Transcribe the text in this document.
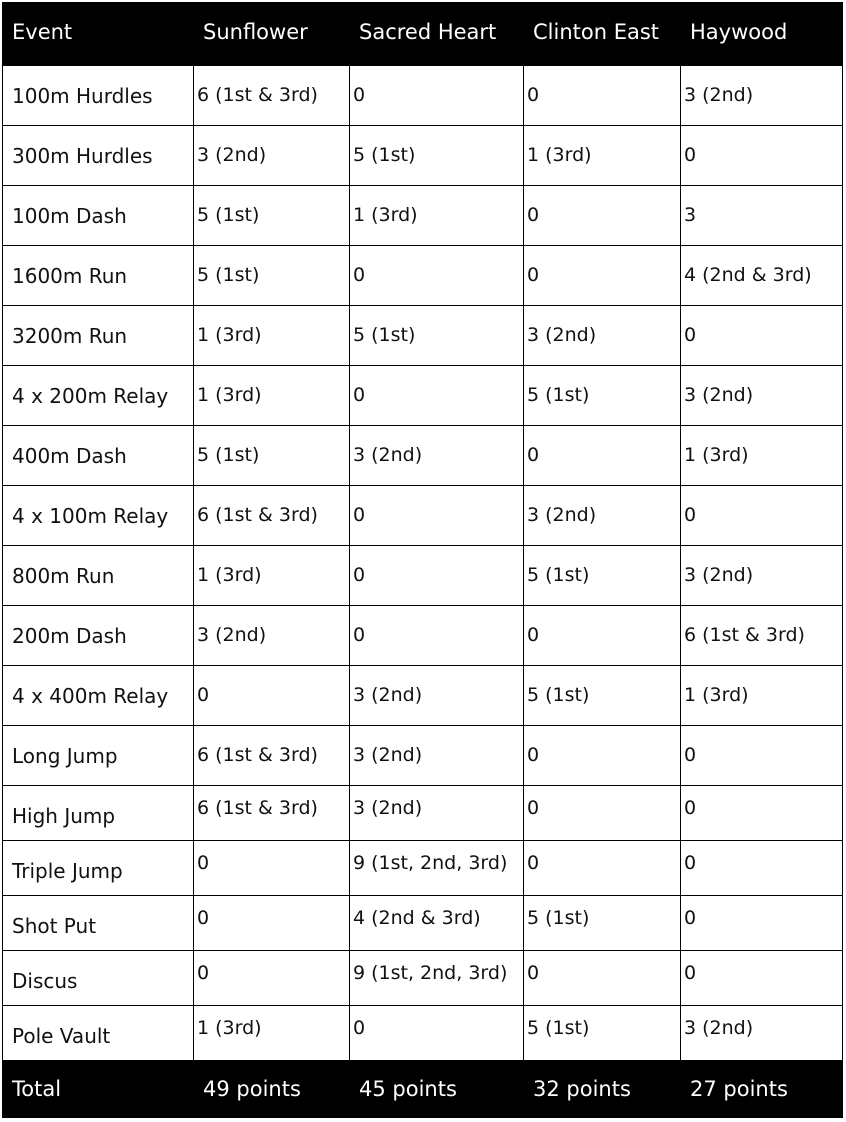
Event	Sunflower	Sacred Heart	Clinton East	Haywood
100m Hurdles	6 (1st & 3rd)	0	0	3 (2nd)
300m Hurdles	3 (2nd)	5 (1st)	1 (3rd)	0
100m Dash	5 (1st)	1 (3rd)	0	3
1600m Run	5 (1st)	0	0	4 (2nd & 3rd)
3200m Run	1 (3rd)	5 (1st)	3 (2nd)	0
4 x 200m Relay	1 (3rd)	0	5 (1st)	3 (2nd)
400m Dash	5 (1st)	3 (2nd)	0	1 (3rd)
4 x 100m Relay	6 (1st & 3rd)	0	3 (2nd)	0
800m Run	1 (3rd)	0	5 (1st)	3 (2nd)
200m Dash	3 (2nd)	0	0	6 (1st & 3rd)
4 x 400m Relay	0	3 (2nd)	5 (1st)	1 (3rd)
Long Jump	6 (1st & 3rd)	3 (2nd)	0	0
High Jump	6 (1st & 3rd)	3 (2nd)	0	0
Triple Jump	0	9 (1st, 2nd, 3rd)	0	0
Shot Put	0	4 (2nd & 3rd)	5 (1st)	0
Discus	0	9 (1st, 2nd, 3rd)	0	0
Pole Vault	1 (3rd)	0	5 (1st)	3 (2nd)
Total	49 points	45 points	32 points	27 points
